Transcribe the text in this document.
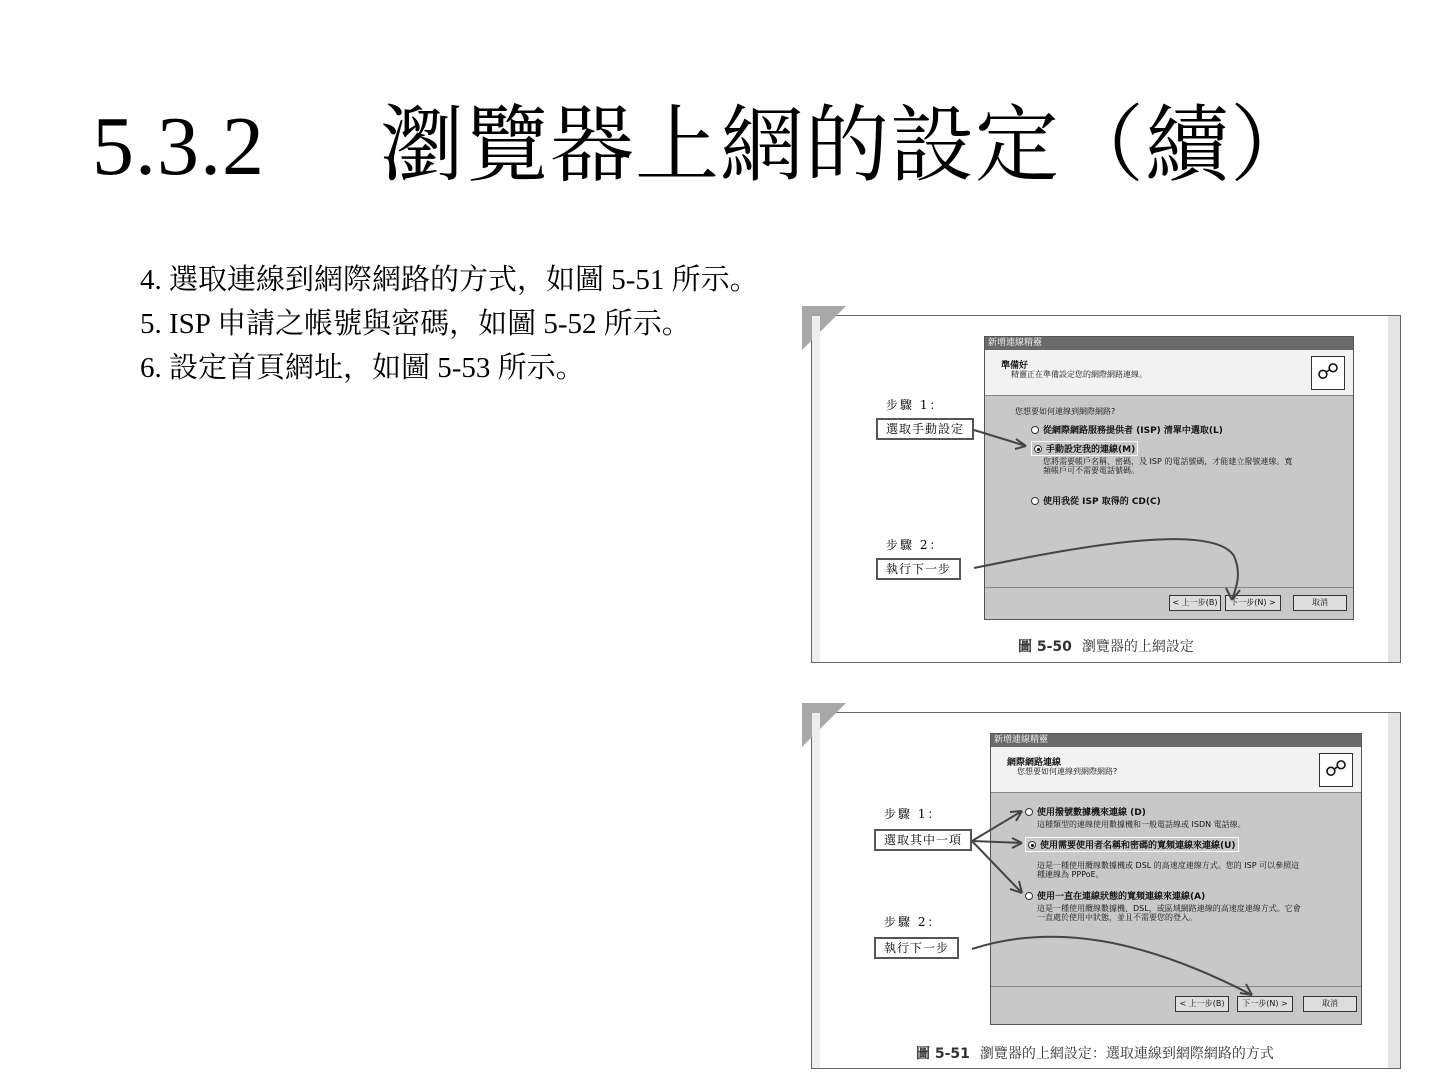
5.3.2 瀏覽器上網的設定（續）
4. 選取連線到網際網路的方式，如圖 5-51 所示。
5. ISP 申請之帳號與密碼，如圖 5-52 所示。
6. 設定首頁網址，如圖 5-53 所示。
新增連線精靈
準備好
精靈正在準備設定您的網際網路連線。	☍
您想要如何連線到網際網路?
從網際網路服務提供者 (ISP) 清單中選取(L)
手動設定我的連線(M)
您將需要帳戶名稱、密碼，及 ISP 的電話號碼，才能建立撥號連線。寬
頻帳戶可不需要電話號碼。
使用我從 ISP 取得的 CD(C)
< 上一步(B)	下一步(N) >	取消
步驟 1：
選取手動設定
步驟 2：
執行下一步
圖 5-50 瀏覽器的上網設定
新增連線精靈
網際網路連線
您想要如何連線到網際網路?	☍
使用撥號數據機來連線 (D)
這種類型的連線使用數據機和一般電話線或 ISDN 電話線。
使用需要使用者名稱和密碼的寬頻連線來連線(U)
這是一種使用纜線數據機或 DSL 的高速度連線方式。您的 ISP 可以參照這
種連線為 PPPoE。
使用一直在連線狀態的寬頻連線來連線(A)
這是一種使用纜線數據機、DSL，或區域網路連線的高速度連線方式。它會
一直處於使用中狀態，並且不需要您的登入。
< 上一步(B)	下一步(N) >	取消
步驟 1：
選取其中一項
步驟 2：
執行下一步
圖 5-51 瀏覽器的上網設定：選取連線到網際網路的方式
